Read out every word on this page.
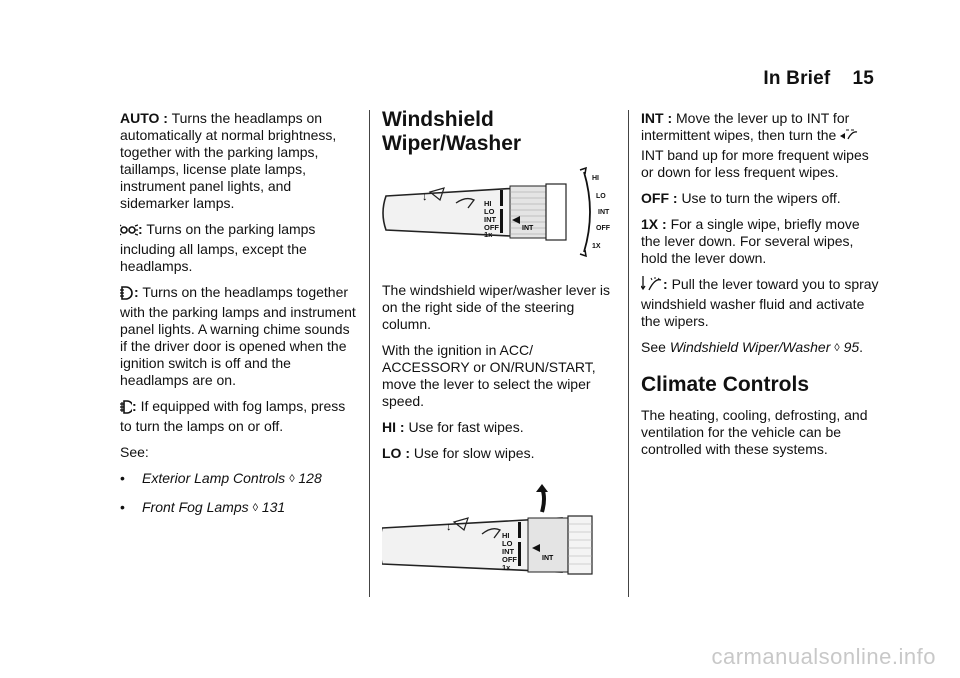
In Brief 15

AUTO : Turns the headlamps on automatically at normal brightness, together with the parking lamps, taillamps, license plate lamps, instrument panel lights, and sidemarker lamps.

: Turns on the parking lamps including all lamps, except the headlamps.

: Turns on the headlamps together with the parking lamps and instrument panel lights. A warning chime sounds if the driver door is opened when the ignition switch is off and the headlamps are on.

: If equipped with fog lamps, press to turn the lamps on or off.

See:

•	Exterior Lamp Controls ◊ 128
•	Front Fog Lamps ◊ 131
Windshield Wiper/Washer
↓
HI
LO
INT
OFF
1x
INT
HI
LO
INT
OFF
1X

The windshield wiper/washer lever is on the right side of the steering column.

With the ignition in ACC/ ACCESSORY or ON/RUN/START, move the lever to select the wiper speed.

HI : Use for fast wipes.

LO : Use for slow wipes.

↓
HI
LO
INT
OFF
1x
INT

INT : Move the lever up to INT for intermittent wipes, then turn the  INT band up for more frequent wipes or down for less frequent wipes.

OFF : Use to turn the wipers off.

1X : For a single wipe, briefly move the lever down. For several wipes, hold the lever down.

: Pull the lever toward you to spray windshield washer fluid and activate the wipers.

See Windshield Wiper/Washer ◊ 95.

Climate Controls

The heating, cooling, defrosting, and ventilation for the vehicle can be controlled with these systems.

carmanualsonline.info
